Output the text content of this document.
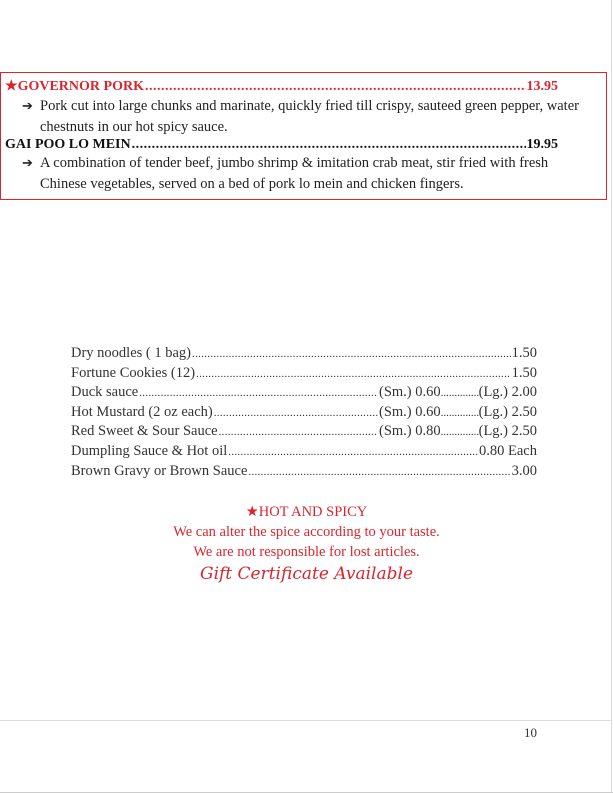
★ GOVERNOR PORK .....	13.95
➔ Pork cut into large chunks and marinate, quickly fried till crispy, sauteed green pepper, water chestnuts in our hot spicy sauce.
GAI POO LO MEIN .....	19.95
➔ A combination of tender beef, jumbo shrimp & imitation crab meat, stir fried with fresh Chinese vegetables, served on a bed of pork lo mein and chicken fingers.
Dry noodles ( 1 bag) .....	1.50
Fortune Cookies (12) .....	1.50
Duck sauce .....	(Sm.) 0.60 .....	(Lg.) 2.00
Hot Mustard (2 oz each) .....	(Sm.) 0.60 .....	(Lg.) 2.50
Red Sweet & Sour Sauce .....	(Sm.) 0.80 .....	(Lg.) 2.50
Dumpling Sauce & Hot oil .....	0.80 Each
Brown Gravy or Brown Sauce .....	3.00
★HOT AND SPICY
We can alter the spice according to your taste.
We are not responsible for lost articles.
Gift Certificate Available
10
